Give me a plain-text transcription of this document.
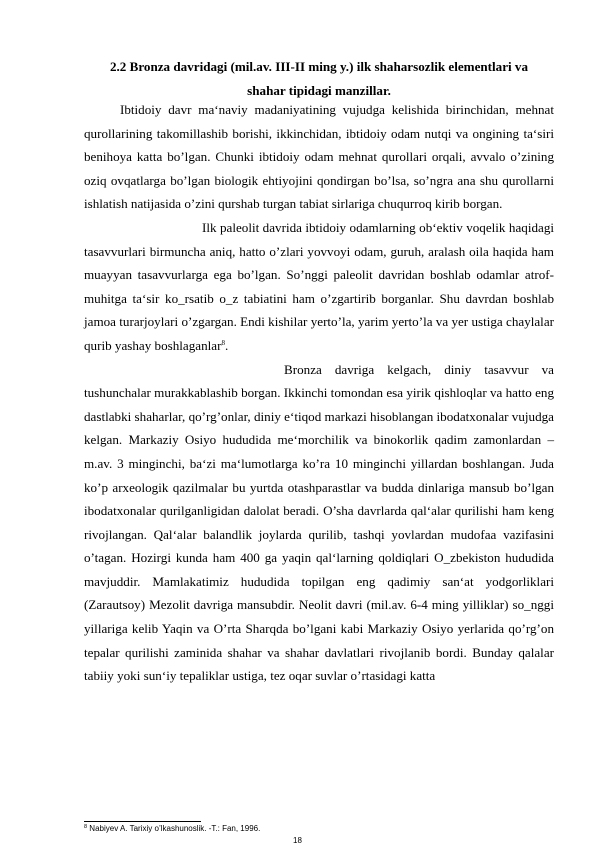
2.2 Bronza davridagi (mil.av. III-II ming y.) ilk shaharsozlik elementlari va
shahar tipidagi manzillar.

Ibtidoiy davr ma‘naviy madaniyatining vujudga kelishida birinchidan, mehnat qurollarining takomillashib borishi, ikkinchidan, ibtidoiy odam nutqi va ongining ta‘siri benihoya katta bo’lgan. Chunki ibtidoiy odam mehnat qurollari orqali, avvalo o’zining oziq ovqatlarga bo’lgan biologik ehtiyojini qondirgan bo’lsa, so’ngra ana shu qurollarni ishlatish natijasida o’zini qurshab turgan tabiat sirlariga chuqurroq kirib borgan.

Ilk paleolit davrida ibtidoiy odamlarning ob‘ektiv voqelik haqidagi tasavvurlari birmuncha aniq, hatto o’zlari yovvoyi odam, guruh, aralash oila haqida ham muayyan tasavvurlarga ega bo’lgan. So’nggi paleolit davridan boshlab odamlar atrof-muhitga ta‘sir ko_rsatib o_z tabiatini ham o’zgartirib borganlar. Shu davrdan boshlab jamoa turarjoylari o’zgargan. Endi kishilar yerto’la, yarim yerto’la va yer ustiga chaylalar qurib yashay boshlaganlar$^8$.

Bronza davriga kelgach, diniy tasavvur va tushunchalar murakkablashib borgan. Ikkinchi tomondan esa yirik qishloqlar va hatto eng dastlabki shaharlar, qo’rg’onlar, diniy e‘tiqod markazi hisoblangan ibodatxonalar vujudga kelgan. Markaziy Osiyo hududida me‘morchilik va binokorlik qadim zamonlardan – m.av. 3 minginchi, ba‘zi ma‘lumotlarga ko’ra 10 minginchi yillardan boshlangan. Juda ko’p arxeologik qazilmalar bu yurtda otashparastlar va budda dinlariga mansub bo’lgan ibodatxonalar qurilganligidan dalolat beradi. O’sha davrlarda qal‘alar qurilishi ham keng rivojlangan. Qal‘alar balandlik joylarda qurilib, tashqi yovlardan mudofaa vazifasini o’tagan. Hozirgi kunda ham 400 ga yaqin qal‘larning qoldiqlari O_zbekiston hududida mavjuddir. Mamlakatimiz hududida topilgan eng qadimiy san‘at yodgorliklari (Zarautsoy) Mezolit davriga mansubdir. Neolit davri (mil.av. 6-4 ming yilliklar) so_nggi yillariga kelib Yaqin va O’rta Sharqda bo’lgani kabi Markaziy Osiyo yerlarida qo’rg’on tepalar qurilishi zaminida shahar va shahar davlatlari rivojlanib bordi. Bunday qalalar tabiiy yoki sun‘iy tepaliklar ustiga, tez oqar suvlar o’rtasidagi katta

$^8$ Nabiyev A. Tarixiy o’lkashunoslik. -T.: Fan, 1996.
18
